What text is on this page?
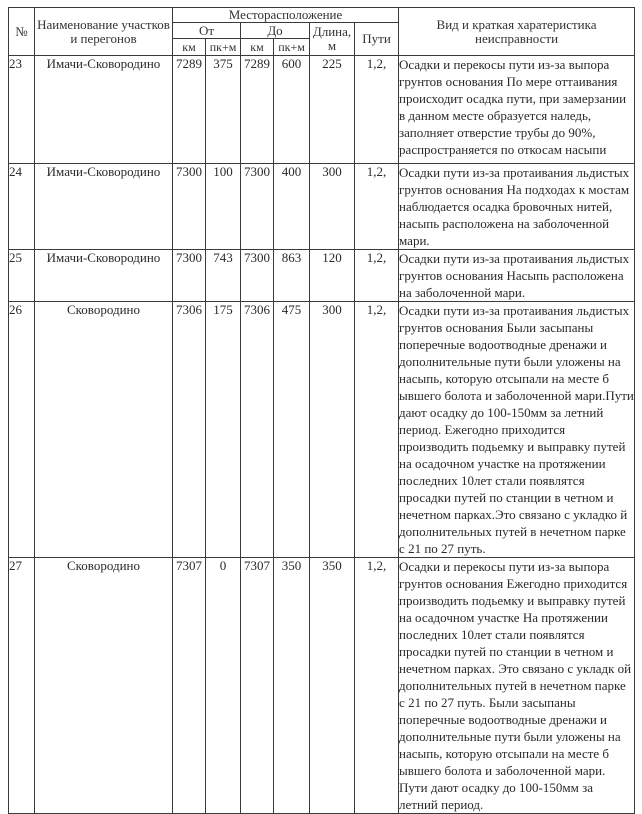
№	Наименование участков и перегонов	Месторасположение						Вид и краткая харатеристика неисправности
		От		До		Длина, м	Пути	
		км	пк+м	км	пк+м			
23	Имачи-Сковородино	7289	375	7289	600	225	1,2,	Осадки и перекосы пути из-за выпора грунтов основания По мере оттаивания происходит осадка пути, при замерзании в данном месте образуется наледь, заполняет отверстие трубы до 90%, распространяется по откосам насыпи
24	Имачи-Сковородино	7300	100	7300	400	300	1,2,	Осадки пути из-за протаивания льдистых грунтов основания На подходах к мостам наблюдается осадка бровочных нитей, насыпь расположена на заболоченной мари.
25	Имачи-Сковородино	7300	743	7300	863	120	1,2,	Осадки пути из-за протаивания льдистых грунтов основания Насыпь расположена на заболоченной мари.
26	Сковородино	7306	175	7306	475	300	1,2,	Осадки пути из-за протаивания льдистых грунтов основания Были засыпаны поперечные водоотводные дренажи и дополнительные пути были уложены на насыпь, которую отсыпали на месте б ывшего болота и заболоченной мари.Пути дают осадку до 100-150мм за летний период. Ежегодно приходится производить подьемку и выправку путей на осадочном участке на протяжении последних 10лет стали появлятся просадки путей по станции в четном и нечетном парках.Это связано с укладко й дополнительных путей в нечетном парке с 21 по 27 путь.
27	Сковородино	7307	0	7307	350	350	1,2,	Осадки и перекосы пути из-за выпора грунтов основания Ежегодно приходится производить подьемку и выправку путей на осадочном участке На протяжении последних 10лет стали появлятся просадки путей по станции в четном и нечетном парках. Это связано с укладк ой дополнительных путей в нечетном парке с 21 по 27 путь. Были засыпаны поперечные водоотводные дренажи и дополнительные пути были уложены на насыпь, которую отсыпали на месте б ывшего болота и заболоченной мари. Пути дают осадку до 100-150мм за летний период.
